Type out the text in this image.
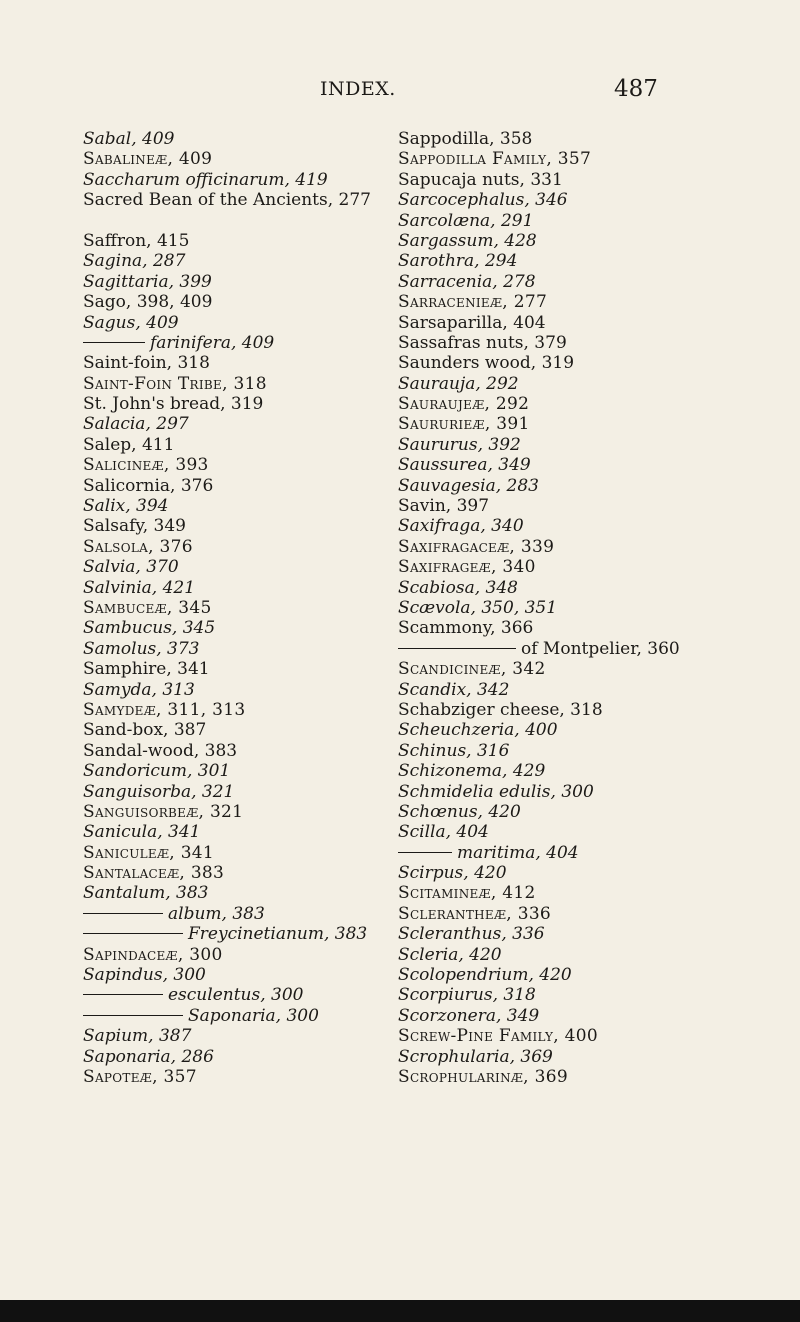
INDEX.	487
Sabal, 409
Sabalineæ, 409
Saccharum officinarum, 419
Sacred Bean of the Ancients, 277
Saffron, 415
Sagina, 287
Sagittaria, 399
Sago, 398, 409
Sagus, 409
farinifera, 409
Saint-foin, 318
Saint-Foin Tribe, 318
St. John's bread, 319
Salacia, 297
Salep, 411
Salicineæ, 393
Salicornia, 376
Salix, 394
Salsafy, 349
Salsola, 376
Salvia, 370
Salvinia, 421
Sambuceæ, 345
Sambucus, 345
Samolus, 373
Samphire, 341
Samyda, 313
Samydeæ, 311, 313
Sand-box, 387
Sandal-wood, 383
Sandoricum, 301
Sanguisorba, 321
Sanguisorbeæ, 321
Sanicula, 341
Saniculeæ, 341
Santalaceæ, 383
Santalum, 383
album, 383
Freycinetianum, 383
Sapindaceæ, 300
Sapindus, 300
esculentus, 300
Saponaria, 300
Sapium, 387
Saponaria, 286
Sapoteæ, 357
Sappodilla, 358
Sappodilla Family, 357
Sapucaja nuts, 331
Sarcocephalus, 346
Sarcolæna, 291
Sargassum, 428
Sarothra, 294
Sarracenia, 278
Sarracenieæ, 277
Sarsaparilla, 404
Sassafras nuts, 379
Saunders wood, 319
Sauraujа, 292
Saurauјеæ, 292
Saururieæ, 391
Saururus, 392
Saussurea, 349
Sauvagesia, 283
Savin, 397
Saxifraga, 340
Saxifragaceæ, 339
Saxifrageæ, 340
Scabiosa, 348
Scævola, 350, 351
Scammony, 366
of Montpelier, 360
Scandicineæ, 342
Scandix, 342
Schabziger cheese, 318
Scheuchzeria, 400
Schinus, 316
Schizonema, 429
Schmidelia edulis, 300
Schœnus, 420
Scilla, 404
maritima, 404
Scirpus, 420
Scitamineæ, 412
Scleranthеæ, 336
Scleranthus, 336
Scleria, 420
Scolopendrium, 420
Scorpiurus, 318
Scorzonera, 349
Screw-Pine Family, 400
Scrophularia, 369
Scrophularinæ, 369
